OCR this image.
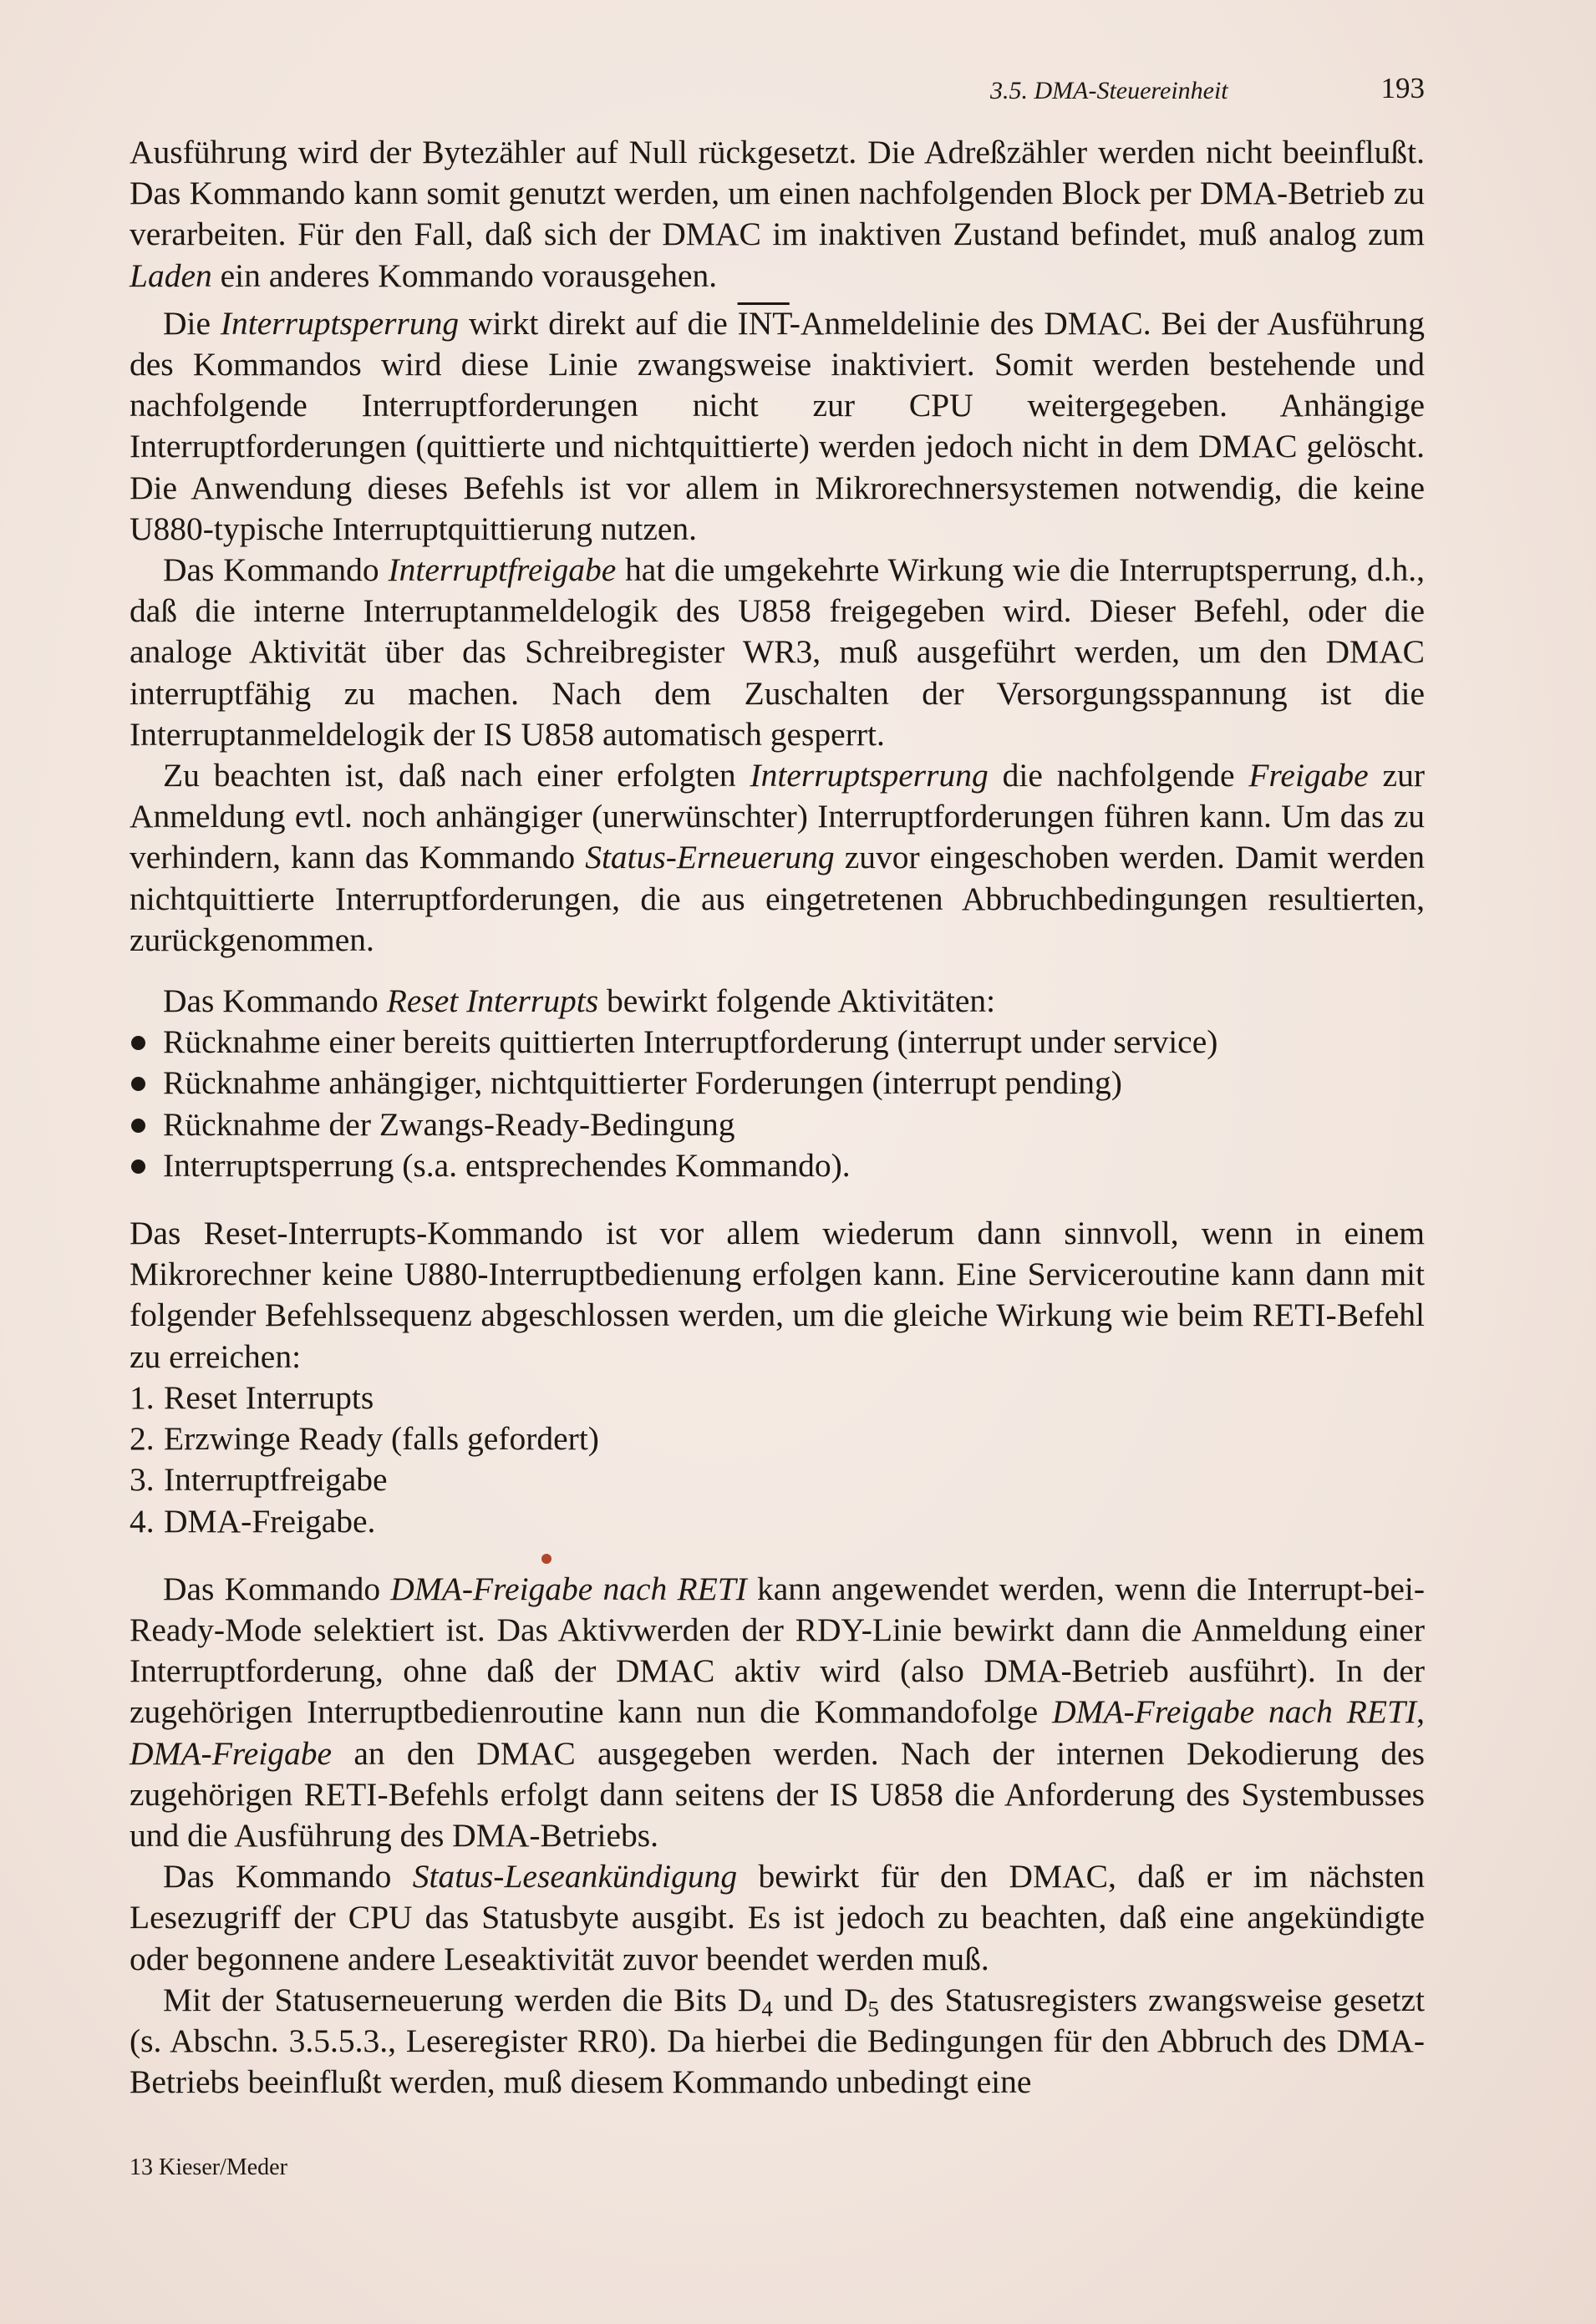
3.5. DMA-Steuereinheit	193

Ausführung wird der Bytezähler auf Null rückgesetzt. Die Adreßzähler werden nicht beeinflußt. Das Kommando kann somit genutzt werden, um einen nachfolgenden Block per DMA-Betrieb zu verarbeiten. Für den Fall, daß sich der DMAC im inaktiven Zustand befindet, muß analog zum Laden ein anderes Kommando vorausgehen.

Die Interruptsperrung wirkt direkt auf die $\overline{INT}$-Anmeldelinie des DMAC. Bei der Ausführung des Kommandos wird diese Linie zwangsweise inaktiviert. Somit werden bestehende und nachfolgende Interruptforderungen nicht zur CPU weitergegeben. Anhängige Interruptforderungen (quittierte und nichtquittierte) werden jedoch nicht in dem DMAC gelöscht. Die Anwendung dieses Befehls ist vor allem in Mikrorechnersystemen notwendig, die keine U880-typische Interruptquittierung nutzen.

Das Kommando Interruptfreigabe hat die umgekehrte Wirkung wie die Interruptsperrung, d.h., daß die interne Interruptanmeldelogik des U858 freigegeben wird. Dieser Befehl, oder die analoge Aktivität über das Schreibregister WR3, muß ausgeführt werden, um den DMAC interruptfähig zu machen. Nach dem Zuschalten der Versorgungsspannung ist die Interruptanmeldelogik der IS U858 automatisch gesperrt.

Zu beachten ist, daß nach einer erfolgten Interruptsperrung die nachfolgende Freigabe zur Anmeldung evtl. noch anhängiger (unerwünschter) Interruptforderungen führen kann. Um das zu verhindern, kann das Kommando Status-Erneuerung zuvor eingeschoben werden. Damit werden nichtquittierte Interruptforderungen, die aus eingetretenen Abbruchbedingungen resultierten, zurückgenommen.

Das Kommando Reset Interrupts bewirkt folgende Aktivitäten:

Rücknahme einer bereits quittierten Interruptforderung (interrupt under service)
Rücknahme anhängiger, nichtquittierter Forderungen (interrupt pending)
Rücknahme der Zwangs-Ready-Bedingung
Interruptsperrung (s.a. entsprechendes Kommando).

Das Reset-Interrupts-Kommando ist vor allem wiederum dann sinnvoll, wenn in einem Mikrorechner keine U880-Interruptbedienung erfolgen kann. Eine Serviceroutine kann dann mit folgender Befehlssequenz abgeschlossen werden, um die gleiche Wirkung wie beim RETI-Befehl zu erreichen:

1. Reset Interrupts
2. Erzwinge Ready (falls gefordert)
3. Interruptfreigabe
4. DMA-Freigabe.

Das Kommando DMA-Freigabe nach RETI kann angewendet werden, wenn die Interrupt-bei-Ready-Mode selektiert ist. Das Aktivwerden der RDY-Linie bewirkt dann die Anmeldung einer Interruptforderung, ohne daß der DMAC aktiv wird (also DMA-Betrieb ausführt). In der zugehörigen Interruptbedienroutine kann nun die Kommandofolge DMA-Freigabe nach RETI, DMA-Freigabe an den DMAC ausgegeben werden. Nach der internen Dekodierung des zugehörigen RETI-Befehls erfolgt dann seitens der IS U858 die Anforderung des Systembusses und die Ausführung des DMA-Betriebs.

Das Kommando Status-Leseankündigung bewirkt für den DMAC, daß er im nächsten Lesezugriff der CPU das Statusbyte ausgibt. Es ist jedoch zu beachten, daß eine angekündigte oder begonnene andere Leseaktivität zuvor beendet werden muß.

Mit der Statuserneuerung werden die Bits $D_4$ und $D_5$ des Statusregisters zwangsweise gesetzt (s. Abschn. 3.5.5.3., Leseregister RR0). Da hierbei die Bedingungen für den Abbruch des DMA-Betriebs beeinflußt werden, muß diesem Kommando unbedingt eine

13 Kieser/Meder
